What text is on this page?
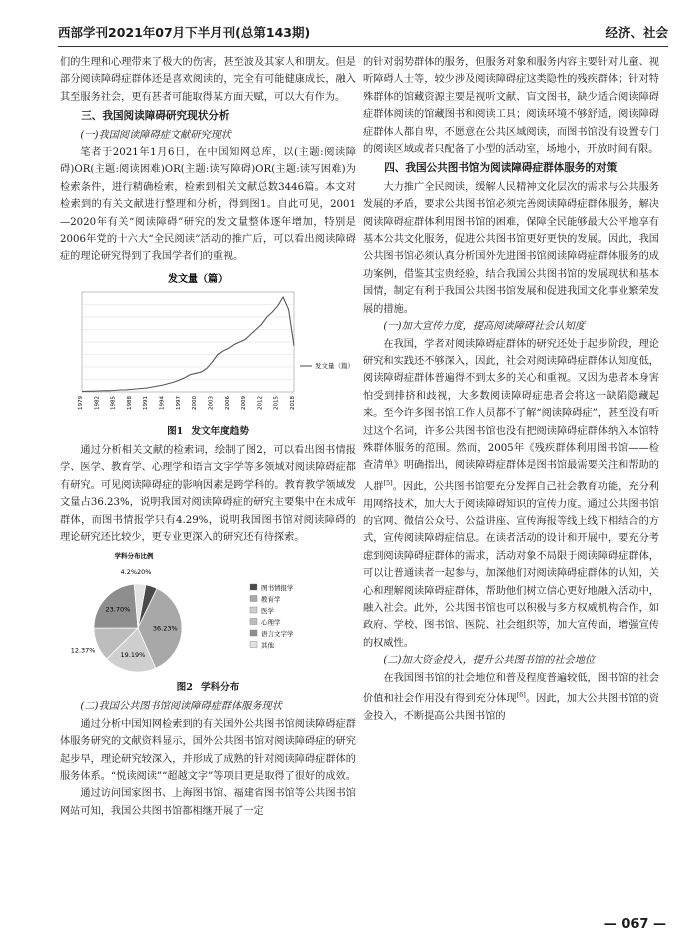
西部学刊2021年07月下半月刊(总第143期)	经济、社会

们的生理和心理带来了极大的伤害，甚至波及其家人和朋友。但是部分阅读障碍症群体还是喜欢阅读的，完全有可能健康成长，融入其至服务社会，更有甚者可能取得某方面天赋，可以大有作为。

三、我国阅读障碍研究现状分析
(一)我国阅读障碍症文献研究现状

笔者于2021年1月6日，在中国知网总库，以(主题:阅读障碍)OR(主题:阅读困难)OR(主题:读写障碍)OR(主题:读写困难)为检索条件，进行精确检索，检索到相关文献总数3446篇。本文对检索到的有关文献进行整理和分析，得到图1。自此可见，2001—2020年有关“阅读障碍”研究的发文量整体逐年增加，特别是2006年党的十六大“全民阅读”活动的推广后，可以看出阅读障碍症的理论研究得到了我国学者们的重视。

发文量（篇）
1979 1982 1985 1988 1991 1994 1997 2000 2003 2006 2009 2012 2015 2018
发文量（篇）
图1 发文年度趋势

通过分析相关文献的检索词，绘制了图2，可以看出图书情报学、医学、教育学、心理学和语言文字学等多领域对阅读障碍症都有研究。可见阅读障碍症的影响因素是跨学科的。教育教学领域发文量占36.23%，说明我国对阅读障碍症的研究主要集中在未成年群体，而图书情报学只有4.29%，说明我国图书馆对阅读障碍的理论研究还比较少，更专业更深入的研究还有待探索。

学科分布比例
4.2%20%
36.23%
19.19%
12.37%
23.70%
图书情报学
教育学
医学
心理学
语言文字学
其他
图2 学科分布
(二)我国公共图书馆阅读障碍症群体服务现状

通过分析中国知网检索到的有关国外公共图书馆阅读障碍症群体服务研究的文献资料显示，国外公共图书馆对阅读障碍症的研究起步早，理论研究较深入，并形成了成熟的针对阅读障碍症群体的服务体系。“悦读阅读”“超越文字”等项目更是取得了很好的成效。

通过访问国家图书、上海图书馆、福建省图书馆等公共图书馆网站可知，我国公共图书馆都相继开展了一定

的针对弱势群体的服务，但服务对象和服务内容主要针对儿童、视听障碍人士等，较少涉及阅读障碍症这类隐性的残疾群体；针对特殊群体的馆藏资源主要是视听文献、盲文图书，缺少适合阅读障碍症群体阅读的馆藏图书和阅读工具；阅读环境不够舒适，阅读障碍症群体人都自卑，不愿意在公共区域阅读，而图书馆没有设置专门的阅读区域或者只配备了小型的活动室，场地小，开放时间有限。

四、我国公共图书馆为阅读障碍症群体服务的对策

大力推广全民阅读，缓解人民精神文化层次的需求与公共服务发展的矛盾，要求公共图书馆必须完善阅读障碍症群体服务，解决阅读障碍症群体利用图书馆的困难，保障全民能够最大公平地享有基本公共文化服务，促进公共图书馆更好更快的发展。因此，我国公共图书馆必须认真分析国外先进图书馆阅读障碍症群体服务的成功案例，借鉴其宝贵经验，结合我国公共图书馆的发展现状和基本国情，制定有利于我国公共图书馆发展和促进我国文化事业繁荣发展的措施。

(一)加大宣传力度，提高阅读障碍社会认知度

在我国，学者对阅读障碍症群体的研究还处于起步阶段，理论研究和实践还不够深入，因此，社会对阅读障碍症群体认知度低，阅读障碍症群体普遍得不到太多的关心和重视。又因为患者本身害怕受到排挤和歧视，大多数阅读障碍症患者会将这一缺陷隐藏起来。至今许多图书馆工作人员都不了解“阅读障碍症”，甚至没有听过这个名词，许多公共图书馆也没有把阅读障碍症群体纳入本馆特殊群体服务的范围。然而，2005年《残疾群体利用图书馆——检查清单》明确指出，阅读障碍症群体是图书馆最需要关注和帮助的人群[5]。因此，公共图书馆要充分发挥自己社会教育功能，充分利用网络技术，加大大于阅读障碍知识的宣传力度。通过公共图书馆的官网、微信公众号、公益讲座、宣传海报等线上线下相结合的方式，宣传阅读障碍症信息。在读者活动的设计和开展中，要充分考虑到阅读障碍症群体的需求，活动对象不局限于阅读障碍症群体，可以让普通读者一起参与，加深他们对阅读障碍症群体的认知，关心和理解阅读障碍症群体，帮助他们树立信心更好地融入活动中，融入社会。此外，公共图书馆也可以积极与多方权威机构合作，如政府、学校、图书馆、医院、社会组织等，加大宣传面，增强宣传的权威性。

(二)加大资金投入，提升公共图书馆的社会地位

在我国图书馆的社会地位和普及程度普遍较低，图书馆的社会价值和社会作用没有得到充分体现[6]。因此，加大公共图书馆的资金投入，不断提高公共图书馆的

— 067 —
